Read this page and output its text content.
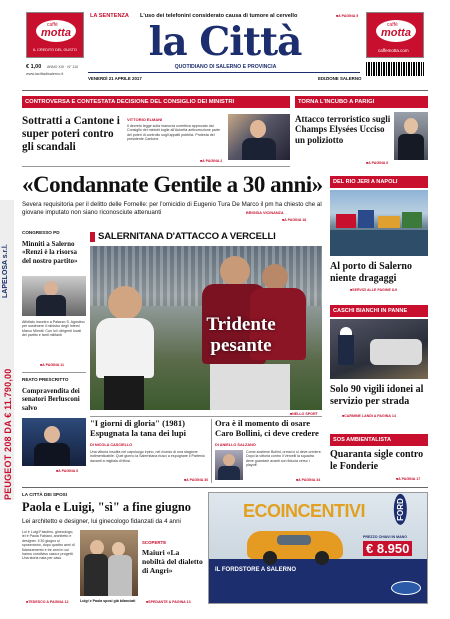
PEUGEOT 208 DA € 11.790,00
LAPELOSA s.r.l.
caffè
motta
IL CREDITO DEL GUSTO
caffè
motta
caffemotta.com
€ 1,00 ANNO XIX · N° 110
www.lacittadisalerno.it
LA SENTENZA L'uso dei telefonini considerato causa di tumore al cervello
■	A PAGINA 5
la Città
QUOTIDIANO DI SALERNO E PROVINCIA
VENERDÌ 21 APRILE 2017	EDIZIONE SALERNO
CONTROVERSA E CONTESTATA DECISIONE DEL CONSIGLIO DEI MINISTRI
Sottratti a Cantone i super poteri contro gli scandali
VITTORIO ELMANI
Il decreto legge sulla manovra correttiva approvato dal Consiglio dei ministri toglie all'Autorità anticorruzione parte dei poteri di controllo sugli appalti pubblici. Protesta del presidente Cantone.
■ A PAGINA 2
TORNA L'INCUBO A PARIGI
Attacco terroristico sugli Champs Elysées Ucciso un poliziotto
■ A PAGINA 6
«Condannate Gentile a 30 anni»
Severa requisitoria per il delitto delle Fornelle: per l'omicidio di Eugenio Tura De Marco il pm ha chiesto che al giovane imputato non siano riconosciute attenuanti	BRIGIDA VICINANZA
■ A PAGINA 18
CONGRESSO PD
Minniti a Salerno «Renzi è la risorsa del nostro partito»
Affollato incontro a Palazzo S. Agostino per sostenere il ministro degli Interni Marco Minniti. Con lui i dirigenti locali del partito e tanti militanti
■ A PAGINA 11
REATO PRESCRITTO
Compravendita dei senatori Berlusconi salvo
■ A PAGINA 6
SALERNITANA D'ATTACCO A VERCELLI
Tridente pesante
■ NELLO SPORT
"I giorni di gloria" (1981) Espugnata la tana dei lupi
DI NICOLA CASCIELLO
Una vittoria insolita nel capoluogo irpino, nel ricordo di una stagione indimenticabile. Quel giorno la Salernitana riuscì a espugnare il Partenio davanti a migliaia di tifosi.
■ A PAGINA 30
Ora è il momento di osare Caro Bollini, ci deve credere
DI ANIELLO SALZANO
Come sostiene Bollini, ormai ci si deve credere. Dopo la vittoria contro il Vercelli la squadra deve guardare avanti con fiducia verso i playoff.
■ A PAGINA 34
DEL RIO JERI A NAPOLI
Al porto di Salerno niente dragaggi
■ SERVIZI ALLE PAGINE 8-9
CASCHI BIANCHI IN PANNE
Solo 90 vigili idonei al servizio per strada
■ CARMINE LANDI A PAGINA 14
SOS AMBIENTALISTA
Quaranta sigle contro le Fonderie
■ A PAGINA 17
LA CITTÀ DEI SPOSI
Paola e Luigi, "sì" a fine giugno
Lei architetto e designer, lui ginecologo fidanzati da 4 anni
Lui è Luigi Fasolino, ginecologo, lei è Paola Fabiani, architetto e designer. Il 30 giugno si sposeranno, dopo quattro anni di fidanzamento e tre anni in cui hanno condiviso casa e progetti. Una storia nata per caso.
■ TEDESCO A PAGINA 12	Luigi e Paola sposi già bilanciati
SCOPERTE
Maiuri «La nobiltà del dialetto di Angri»
■ SPEDANTE A PAGINA 13
ECOINCENTIVI	FORD
PREZZO CHIAVI IN MANO
€ 8.950
IL FORDSTORE A SALERNO
